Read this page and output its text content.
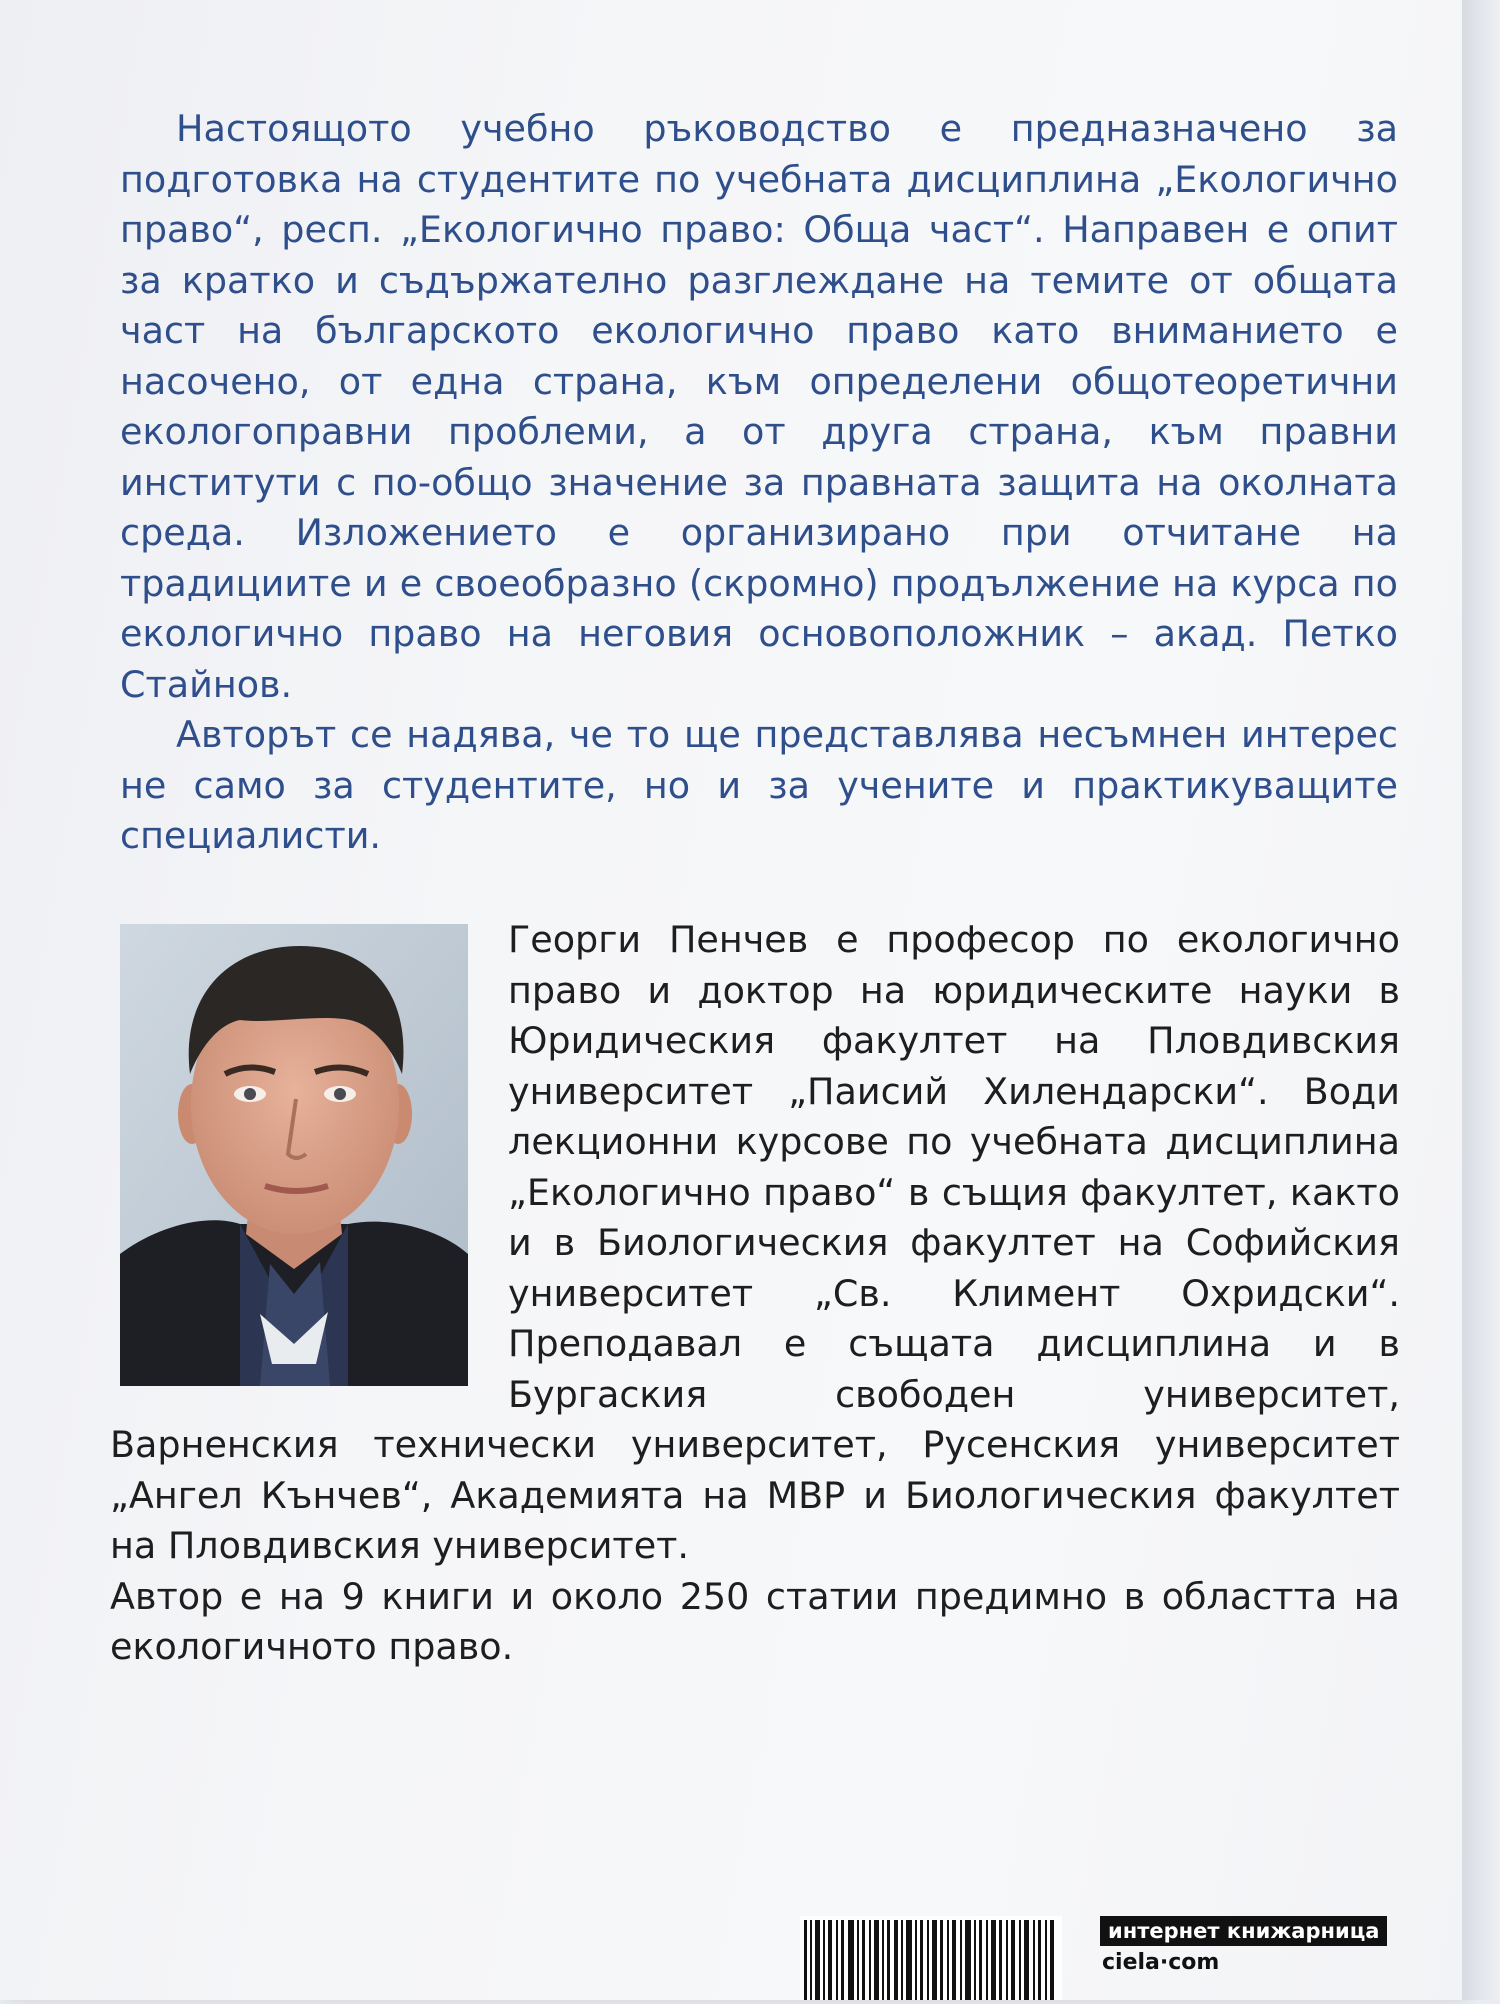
Настоящото учебно ръководство е предназначено за подготовка на студентите по учебната дисциплина „Екологично право“, респ. „Екологично право: Обща част“. Направен е опит за кратко и съдържателно разглеждане на темите от общата част на българското екологично право като вниманието е насочено, от една страна, към определени общотеоретични екологоправни проблеми, а от друга страна, към правни институти с по-общо значение за правната защита на околната среда. Изложението е организирано при отчитане на традициите и е своеобразно (скромно) продължение на курса по екологично право на неговия основоположник – акад. Петко Стайнов.

Авторът се надява, че то ще представлява несъмнен интерес не само за студентите, но и за учените и практикуващите специалисти.

Георги Пенчев е професор по екологично право и доктор на юридическите науки в Юридическия факултет на Пловдивския университет „Паисий Хилендарски“. Води лекционни курсове по учебната дисциплина „Екологично право“ в същия факултет, както и в Биологическия факултет на Софийския университет „Св. Климент Охридски“. Преподавал е същата дисциплина и в Бургаския свободен университет, Варненския технически университет, Русенския университет „Ангел Кънчев“, Академията на МВР и Биологическия факултет на Пловдивския университет.

Автор е на 9 книги и около 250 статии предимно в областта на екологичното право.

интернет книжарница
ciela·com
